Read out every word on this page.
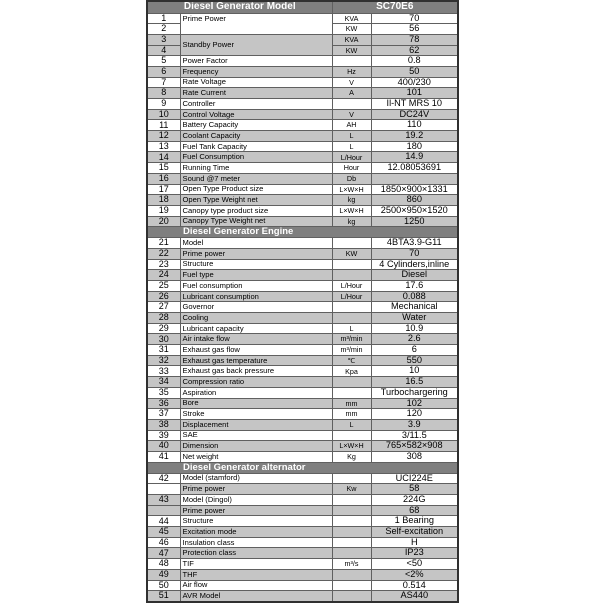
Diesel Generator Model		SC70E6	
1	Prime Power	KVA	70
2		KW	56
3	Standby Power	KVA	78
4		KW	62
5	Power Factor		0.8
6	Frequency	Hz	50
7	Rate Voltage	V	400/230
8	Rate Current	A	101
9	Controller		Il-NT MRS 10
10	Control Voltage	V	DC24V
11	Battery Capacity	AH	110
12	Coolant Capacity	L	19.2
13	Fuel Tank Capacity	L	180
14	Fuel Consumption	L/Hour	14.9
15	Running Time	Hour	12.08053691
16	Sound @7 meter	Db	
17	Open Type Product size	L×W×H	1850×900×1331
18	Open Type Weight net	kg	860
19	Canopy type product size	L×W×H	2500×950×1520
20	Canopy Type Weight net	kg	1250
Diesel Generator Engine			
21	Model		4BTA3.9-G11
22	Prime power	KW	70
23	Structure		4 Cylinders,inline
24	Fuel type		Diesel
25	Fuel consumption	L/Hour	17.6
26	Lubricant consumption	L/Hour	0.088
27	Governor		Mechanical
28	Cooling		Water
29	Lubricant capacity	L	10.9
30	Air intake flow	m³/min	2.6
31	Exhaust gas flow	m³/min	6
32	Exhaust gas temperature	℃	550
33	Exhaust gas back pressure	Kpa	10
34	Compression ratio		16.5
35	Aspiration		Turbochargering
36	Bore	mm	102
37	Stroke	mm	120
38	Displacement	L	3.9
39	SAE		3/11.5
40	Dimension	L×W×H	765×582×908
41	Net weight	Kg	308
Diesel Generator alternator			
42	Model (stamford)		UCI224E
	Prime power	Kw	58
43	Model (Dingol)		224G
	Prime power		68
44	Structure		1 Bearing
45	Excitation mode		Self-excitation
46	Insulation class		H
47	Protection class		IP23
48	TIF	m³/s	<50
49	THF		<2%
50	Air flow		0.514
51	AVR Model		AS440
